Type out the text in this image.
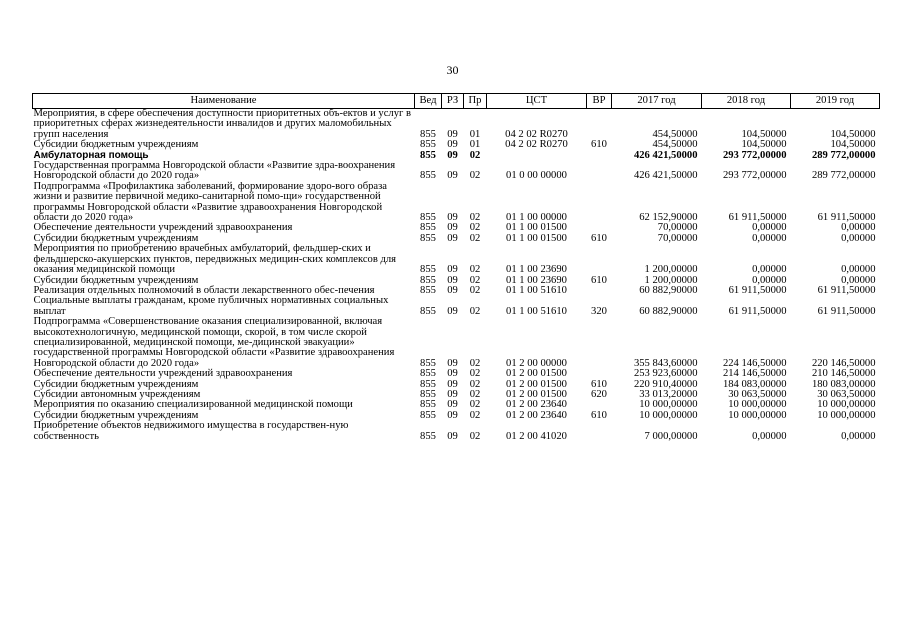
30
Наименование	Вед	РЗ	Пр	ЦСТ	ВР	2017 год	2018 год	2019 год
Мероприятия, в сфере обеспечения доступности приоритетных объ-ектов и услуг в приоритетных сферах жизнедеятельности инвалидов и других маломобильных групп населения	855	09	01	04 2 02 R0270		454,50000	104,50000	104,50000
Субсидии бюджетным учреждениям	855	09	01	04 2 02 R0270	610	454,50000	104,50000	104,50000
Амбулаторная помощь	855	09	02			426 421,50000	293 772,00000	289 772,00000
Государственная программа Новгородской области «Развитие здра-воохранения Новгородской области до 2020 года»	855	09	02	01 0 00 00000		426 421,50000	293 772,00000	289 772,00000
Подпрограмма «Профилактика заболеваний, формирование здоро-вого образа жизни и развитие первичной медико-санитарной помо-щи» государственной программы Новгородской области «Развитие здравоохранения Новгородской области до 2020 года»	855	09	02	01 1 00 00000		62 152,90000	61 911,50000	61 911,50000
Обеспечение деятельности учреждений здравоохранения	855	09	02	01 1 00 01500		70,00000	0,00000	0,00000
Субсидии бюджетным учреждениям	855	09	02	01 1 00 01500	610	70,00000	0,00000	0,00000
Мероприятия по приобретению врачебных амбулаторий, фельдшер-ских и фельдшерско-акушерских пунктов, передвижных медицин-ских комплексов для оказания медицинской помощи	855	09	02	01 1 00 23690		1 200,00000	0,00000	0,00000
Субсидии бюджетным учреждениям	855	09	02	01 1 00 23690	610	1 200,00000	0,00000	0,00000
Реализация отдельных полномочий в области лекарственного обес-печения	855	09	02	01 1 00 51610		60 882,90000	61 911,50000	61 911,50000
Социальные выплаты гражданам, кроме публичных нормативных социальных выплат	855	09	02	01 1 00 51610	320	60 882,90000	61 911,50000	61 911,50000
Подпрограмма «Совершенствование оказания специализированной, включая высокотехнологичную, медицинской помощи, скорой, в том числе скорой специализированной, медицинской помощи, ме-дицинской эвакуации» государственной программы Новгородской области «Развитие здравоохранения Новгородской области до 2020 года»	855	09	02	01 2 00 00000		355 843,60000	224 146,50000	220 146,50000
Обеспечение деятельности учреждений здравоохранения	855	09	02	01 2 00 01500		253 923,60000	214 146,50000	210 146,50000
Субсидии бюджетным учреждениям	855	09	02	01 2 00 01500	610	220 910,40000	184 083,00000	180 083,00000
Субсидии автономным учреждениям	855	09	02	01 2 00 01500	620	33 013,20000	30 063,50000	30 063,50000
Мероприятия по оказанию специализированной медицинской помощи	855	09	02	01 2 00 23640		10 000,00000	10 000,00000	10 000,00000
Субсидии бюджетным учреждениям	855	09	02	01 2 00 23640	610	10 000,00000	10 000,00000	10 000,00000
Приобретение объектов недвижимого имущества в государствен-ную собственность	855	09	02	01 2 00 41020		7 000,00000	0,00000	0,00000
